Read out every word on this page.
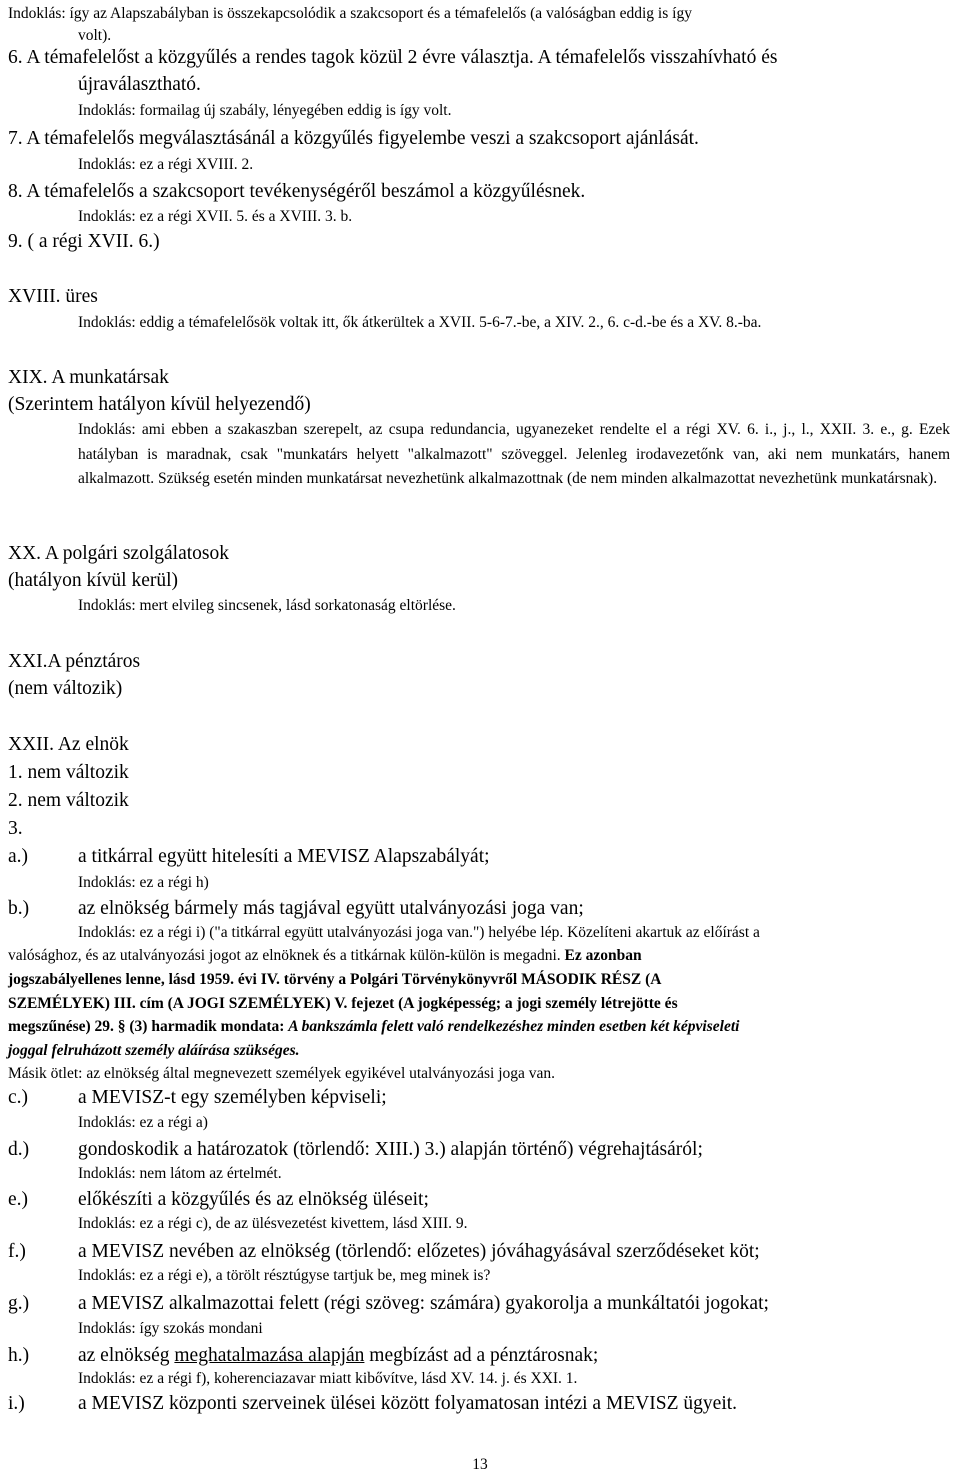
Indoklás: így az Alapszabályban is összekapcsolódik a szakcsoport és a témafelelős (a valóságban eddig is így
volt).
6. A témafelelőst a közgyűlés a rendes tagok közül 2 évre választja. A témafelelős visszahívható és
újraválasztható.
Indoklás: formailag új szabály, lényegében eddig is így volt.
7. A témafelelős megválasztásánál a közgyűlés figyelembe veszi a szakcsoport ajánlását.
Indoklás: ez a régi XVIII. 2.
8. A témafelelős a szakcsoport tevékenységéről beszámol a közgyűlésnek.
Indoklás: ez a régi XVII. 5. és a XVIII. 3. b.
9. ( a régi XVII. 6.)
XVIII. üres
Indoklás: eddig a témafelelősök voltak itt, ők átkerültek a XVII. 5-6-7.-be, a XIV. 2., 6. c-d.-be és a XV. 8.-ba.
XIX. A munkatársak
(Szerintem hatályon kívül helyezendő)
Indoklás: ami ebben a szakaszban szerepelt, az csupa redundancia, ugyanezeket rendelte el a régi XV. 6. i., j., l., XXII. 3. e., g. Ezek hatályban is maradnak, csak "munkatárs helyett "alkalmazott" szöveggel. Jelenleg irodavezetőnk van, aki nem munkatárs, hanem alkalmazott. Szükség esetén minden munkatársat nevezhetünk alkalmazottnak (de nem minden alkalmazottat nevezhetünk munkatársnak).
XX. A polgári szolgálatosok
(hatályon kívül kerül)
Indoklás: mert elvileg sincsenek, lásd sorkatonaság eltörlése.
XXI.A pénztáros
(nem változik)
XXII. Az elnök
1. nem változik
2. nem változik
3.
a.)	a titkárral együtt hitelesíti a MEVISZ Alapszabályát;
Indoklás: ez a régi h)
b.)	az elnökség bármely más tagjával együtt utalványozási joga van;
Indoklás: ez a régi i) ("a titkárral együtt utalványozási joga van.") helyébe lép. Közelíteni akartuk az előírást a
valósághoz, és az utalványozási jogot az elnöknek és a titkárnak külön-külön is megadni. Ez azonban
jogszabályellenes lenne, lásd 1959. évi IV. törvény a Polgári Törvénykönyvről MÁSODIK RÉSZ (A
SZEMÉLYEK) III. cím (A JOGI SZEMÉLYEK) V. fejezet (A jogképesség; a jogi személy létrejötte és
megszűnése) 29. § (3) harmadik mondata: A bankszámla felett való rendelkezéshez minden esetben két képviseleti
joggal felruházott személy aláírása szükséges.
Másik ötlet: az elnökség által megnevezett személyek egyikével utalványozási joga van.
c.)	a MEVISZ-t egy személyben képviseli;
Indoklás: ez a régi a)
d.)	gondoskodik a határozatok (törlendő: XIII.) 3.) alapján történő) végrehajtásáról;
Indoklás: nem látom az értelmét.
e.)	előkészíti a közgyűlés és az elnökség üléseit;
Indoklás: ez a régi c), de az ülésvezetést kivettem, lásd XIII. 9.
f.)	a MEVISZ nevében az elnökség (törlendő: előzetes) jóváhagyásával szerződéseket köt;
Indoklás: ez a régi e), a törölt résztúgyse tartjuk be, meg minek is?
g.)	a MEVISZ alkalmazottai felett (régi szöveg: számára) gyakorolja a munkáltatói jogokat;
Indoklás: így szokás mondani
h.)	az elnökség meghatalmazása alapján megbízást ad a pénztárosnak;
Indoklás: ez a régi f), koherenciazavar miatt kibővítve, lásd XV. 14. j. és XXI. 1.
i.)	a MEVISZ központi szerveinek ülései között folyamatosan intézi a MEVISZ ügyeit.
13
